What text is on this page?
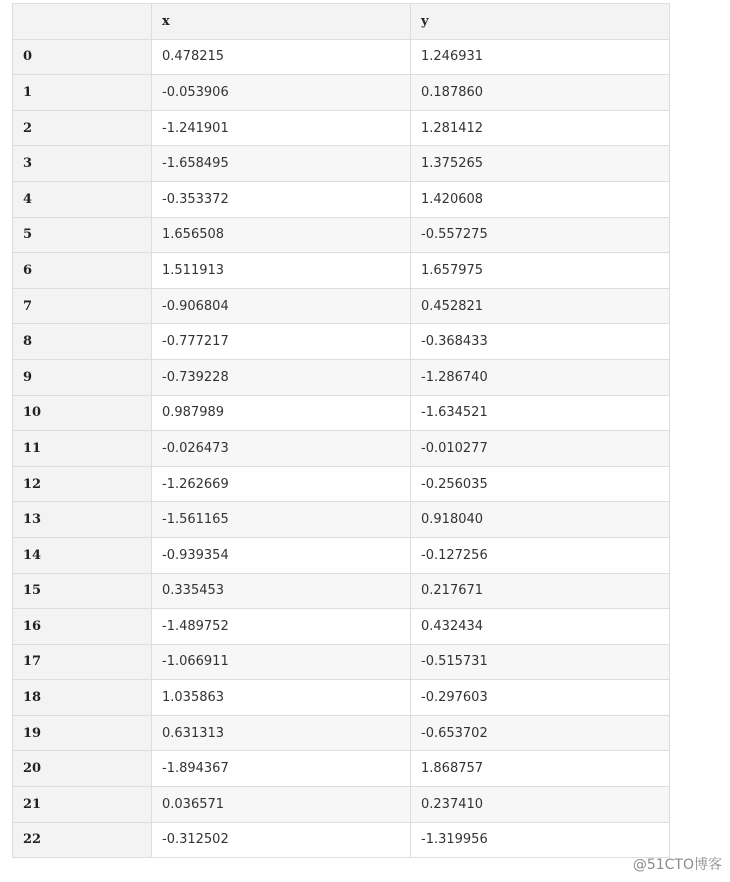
	x	y
0	0.478215	1.246931
1	-0.053906	0.187860
2	-1.241901	1.281412
3	-1.658495	1.375265
4	-0.353372	1.420608
5	1.656508	-0.557275
6	1.511913	1.657975
7	-0.906804	0.452821
8	-0.777217	-0.368433
9	-0.739228	-1.286740
10	0.987989	-1.634521
11	-0.026473	-0.010277
12	-1.262669	-0.256035
13	-1.561165	0.918040
14	-0.939354	-0.127256
15	0.335453	0.217671
16	-1.489752	0.432434
17	-1.066911	-0.515731
18	1.035863	-0.297603
19	0.631313	-0.653702
20	-1.894367	1.868757
21	0.036571	0.237410
22	-0.312502	-1.319956
@51CTO博客
